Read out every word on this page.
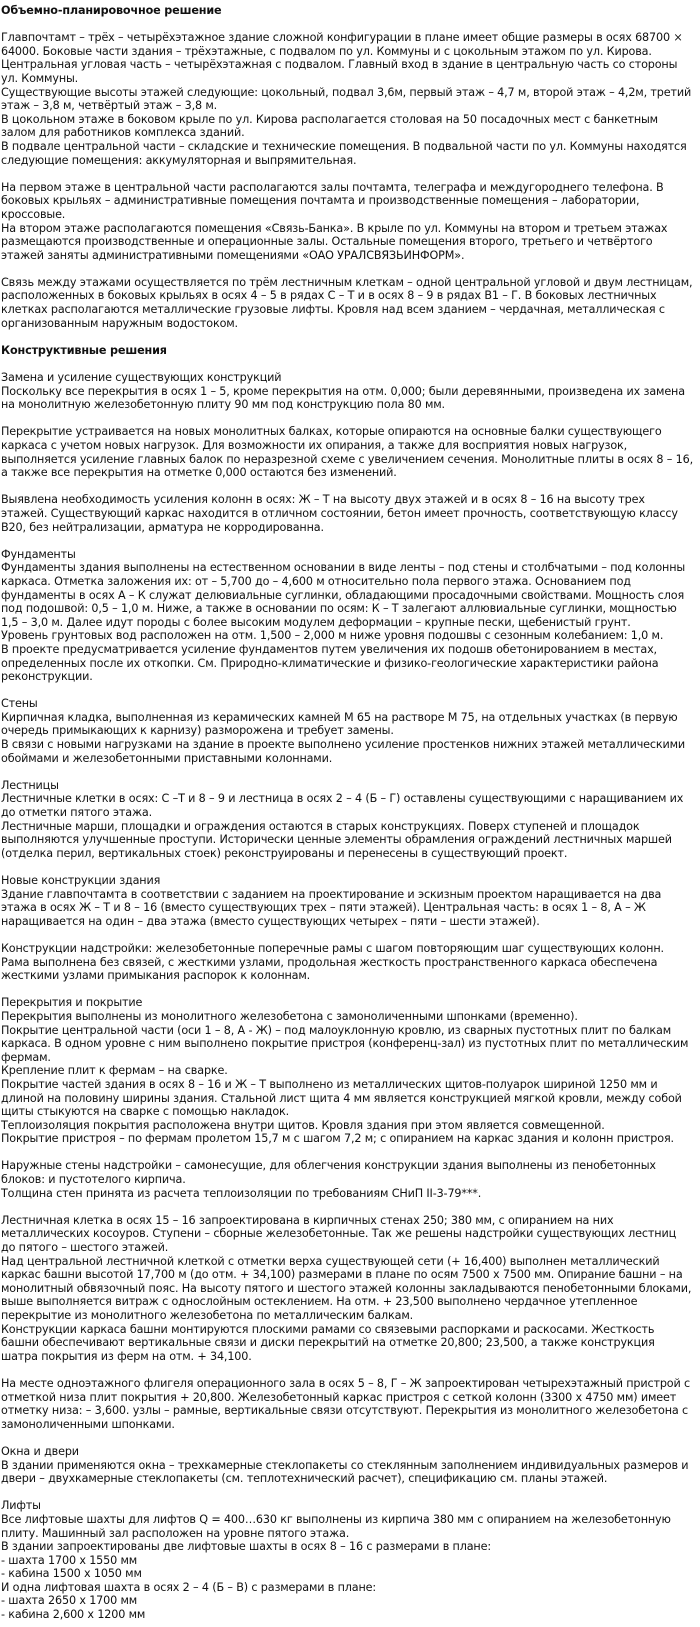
Объемно-планировочное решение
Главпочтамт – трёх – четырёхэтажное здание сложной конфигурации в плане имеет общие размеры в осях 68700 × 64000. Боковые части здания – трёхэтажные, с подвалом по ул. Коммуны и с цокольным этажом по ул. Кирова. Центральная угловая часть – четырёхэтажная с подвалом. Главный вход в здание в центральную часть со стороны ул. Коммуны.
Существующие высоты этажей следующие: цокольный, подвал 3,6м, первый этаж – 4,7 м, второй этаж – 4,2м, третий этаж – 3,8 м, четвёртый этаж – 3,8 м.
В цокольном этаже в боковом крыле по ул. Кирова располагается столовая на 50 посадочных мест с банкетным залом для работников комплекса зданий.
В подвале центральной части – складские и технические помещения. В подвальной части по ул. Коммуны находятся следующие помещения: аккумуляторная и выпрямительная.
На первом этаже в центральной части располагаются залы почтамта, телеграфа и междугороднего телефона. В боковых крыльях – административные помещения почтамта и производственные помещения – лаборатории, кроссовые.
На втором этаже располагаются помещения «Связь-Банка». В крыле по ул. Коммуны на втором и третьем этажах размещаются производственные и операционные залы. Остальные помещения второго, третьего и четвёртого этажей заняты административными помещениями «ОАО УРАЛСВЯЗЬИНФОРМ».
Связь между этажами осуществляется по трём лестничным клеткам – одной центральной угловой и двум лестницам, расположенных в боковых крыльях в осях 4 – 5 в рядах С – Т и в осях 8 – 9 в рядах В1 – Г. В боковых лестничных клетках располагаются металлические грузовые лифты. Кровля над всем зданием – чердачная, металлическая с организованным наружным водостоком.
Конструктивные решения
Замена и усиление существующих конструкций
Поскольку все перекрытия в осях 1 – 5, кроме перекрытия на отм. 0,000; были деревянными, произведена их замена на монолитную железобетонную плиту 90 мм под конструкцию пола 80 мм.
Перекрытие устраивается на новых монолитных балках, которые опираются на основные балки существующего каркаса с учетом новых нагрузок. Для возможности их опирания, а также для восприятия новых нагрузок, выполняется усиление главных балок по неразрезной схеме с увеличением сечения. Монолитные плиты в осях 8 – 16, а также все перекрытия на отметке 0,000 остаются без изменений.
Выявлена необходимость усиления колонн в осях: Ж – Т на высоту двух этажей и в осях 8 – 16 на высоту трех этажей. Существующий каркас находится в отличном состоянии, бетон имеет прочность, соответствующую классу В20, без нейтрализации, арматура не корродированна.
Фундаменты
Фундаменты здания выполнены на естественном основании в виде ленты – под стены и столбчатыми – под колонны каркаса. Отметка заложения их: от – 5,700 до – 4,600 м относительно пола первого этажа. Основанием под фундаменты в осях А – К служат делювиальные суглинки, обладающими просадочными свойствами. Мощность слоя под подошвой: 0,5 – 1,0 м. Ниже, а также в основании по осям: К – Т залегают аллювиальные суглинки, мощностью 1,5 – 3,0 м. Далее идут породы с более высоким модулем деформации – крупные пески, щебенистый грунт.
Уровень грунтовых вод расположен на отм. 1,500 – 2,000 м ниже уровня подошвы с сезонным колебанием: 1,0 м.
В проекте предусматривается усиление фундаментов путем увеличения их подошв обетонированием в местах, определенных после их откопки. См. Природно-климатические и физико-геологические характеристики района реконструкции.
Стены
Кирпичная кладка, выполненная из керамических камней М 65 на растворе М 75, на отдельных участках (в первую очередь примыкающих к карнизу) разморожена и требует замены.
В связи с новыми нагрузками на здание в проекте выполнено усиление простенков нижних этажей металлическими обоймами и железобетонными приставными колоннами.
Лестницы
Лестничные клетки в осях: С –Т и 8 – 9 и лестница в осях 2 – 4 (Б – Г) оставлены существующими с наращиванием их до отметки пятого этажа.
Лестничные марши, площадки и ограждения остаются в старых конструкциях. Поверх ступеней и площадок выполняются улучшенные проступи. Исторически ценные элементы обрамления ограждений лестничных маршей (отделка перил, вертикальных стоек) реконструированы и перенесены в существующий проект.
Новые конструкции здания
Здание главпочтамта в соответствии с заданием на проектирование и эскизным проектом наращивается на два этажа в осях Ж – Т и 8 – 16 (вместо существующих трех – пяти этажей). Центральная часть: в осях 1 – 8, А – Ж наращивается на один – два этажа (вместо существующих четырех – пяти – шести этажей).
Конструкции надстройки: железобетонные поперечные рамы с шагом повторяющим шаг существующих колонн. Рама выполнена без связей, с жесткими узлами, продольная жесткость пространственного каркаса обеспечена жесткими узлами примыкания распорок к колоннам.
Перекрытия и покрытие
Перекрытия выполнены из монолитного железобетона с замоноличенными шпонками (временно).
Покрытие центральной части (оси 1 – 8, А - Ж) – под малоуклонную кровлю, из сварных пустотных плит по балкам каркаса. В одном уровне с ним выполнено покрытие пристроя (конференц-зал) из пустотных плит по металлическим фермам.
Крепление плит к фермам – на сварке.
Покрытие частей здания в осях 8 – 16 и Ж – Т выполнено из металлических щитов-полуарок шириной 1250 мм и длиной на половину ширины здания. Стальной лист щита 4 мм является конструкцией мягкой кровли, между собой щиты стыкуются на сварке с помощью накладок.
Теплоизоляция покрытия расположена внутри щитов. Кровля здания при этом является совмещенной.
Покрытие пристроя – по фермам пролетом 15,7 м с шагом 7,2 м; с опиранием на каркас здания и колонн пристроя.
Наружные стены надстройки – самонесущие, для облегчения конструкции здания выполнены из пенобетонных блоков: и пустотелого кирпича.
Толщина стен принята из расчета теплоизоляции по требованиям СНиП II-3-79***.
Лестничная клетка в осях 15 – 16 запроектирована в кирпичных стенах 250; 380 мм, с опиранием на них металлических косоуров. Ступени – сборные железобетонные. Так же решены надстройки существующих лестниц до пятого – шестого этажей.
Над центральной лестничной клеткой с отметки верха существующей сети (+ 16,400) выполнен металлический каркас башни высотой 17,700 м (до отм. + 34,100) размерами в плане по осям 7500 х 7500 мм. Опирание башни – на монолитный обвязочный пояс. На высоту пятого и шестого этажей колонны закладываются пенобетонными блоками, выше выполняется витраж с однослойным остеклением. На отм. + 23,500 выполнено чердачное утепленное перекрытие из монолитного железобетона по металлическим балкам.
Конструкции каркаса башни монтируются плоскими рамами со связевыми распорками и раскосами. Жесткость башни обеспечивают вертикальные связи и диски перекрытий на отметке 20,800; 23,500, а также конструкция шатра покрытия из ферм на отм. + 34,100.
На месте одноэтажного флигеля операционного зала в осях 5 – 8, Г – Ж запроектирован четырехэтажный пристрой с отметкой низа плит покрытия + 20,800. Железобетонный каркас пристроя с сеткой колонн (3300 х 4750 мм) имеет отметку низа: – 3,600. узлы – рамные, вертикальные связи отсутствуют. Перекрытия из монолитного железобетона с замоноличенными шпонками.
Окна и двери
В здании применяются окна – трехкамерные стеклопакеты со стеклянным заполнением индивидуальных размеров и двери – двухкамерные стеклопакеты (см. теплотехнический расчет), спецификацию см. планы этажей.
Лифты
Все лифтовые шахты для лифтов Q = 400…630 кг выполнены из кирпича 380 мм с опиранием на железобетонную плиту. Машинный зал расположен на уровне пятого этажа.
В здании запроектированы две лифтовые шахты в осях 8 – 16 с размерами в плане:
- шахта 1700 х 1550 мм
- кабина 1500 х 1050 мм
И одна лифтовая шахта в осях 2 – 4 (Б – В) с размерами в плане:
- шахта 2650 х 1700 мм
- кабина 2,600 х 1200 мм
